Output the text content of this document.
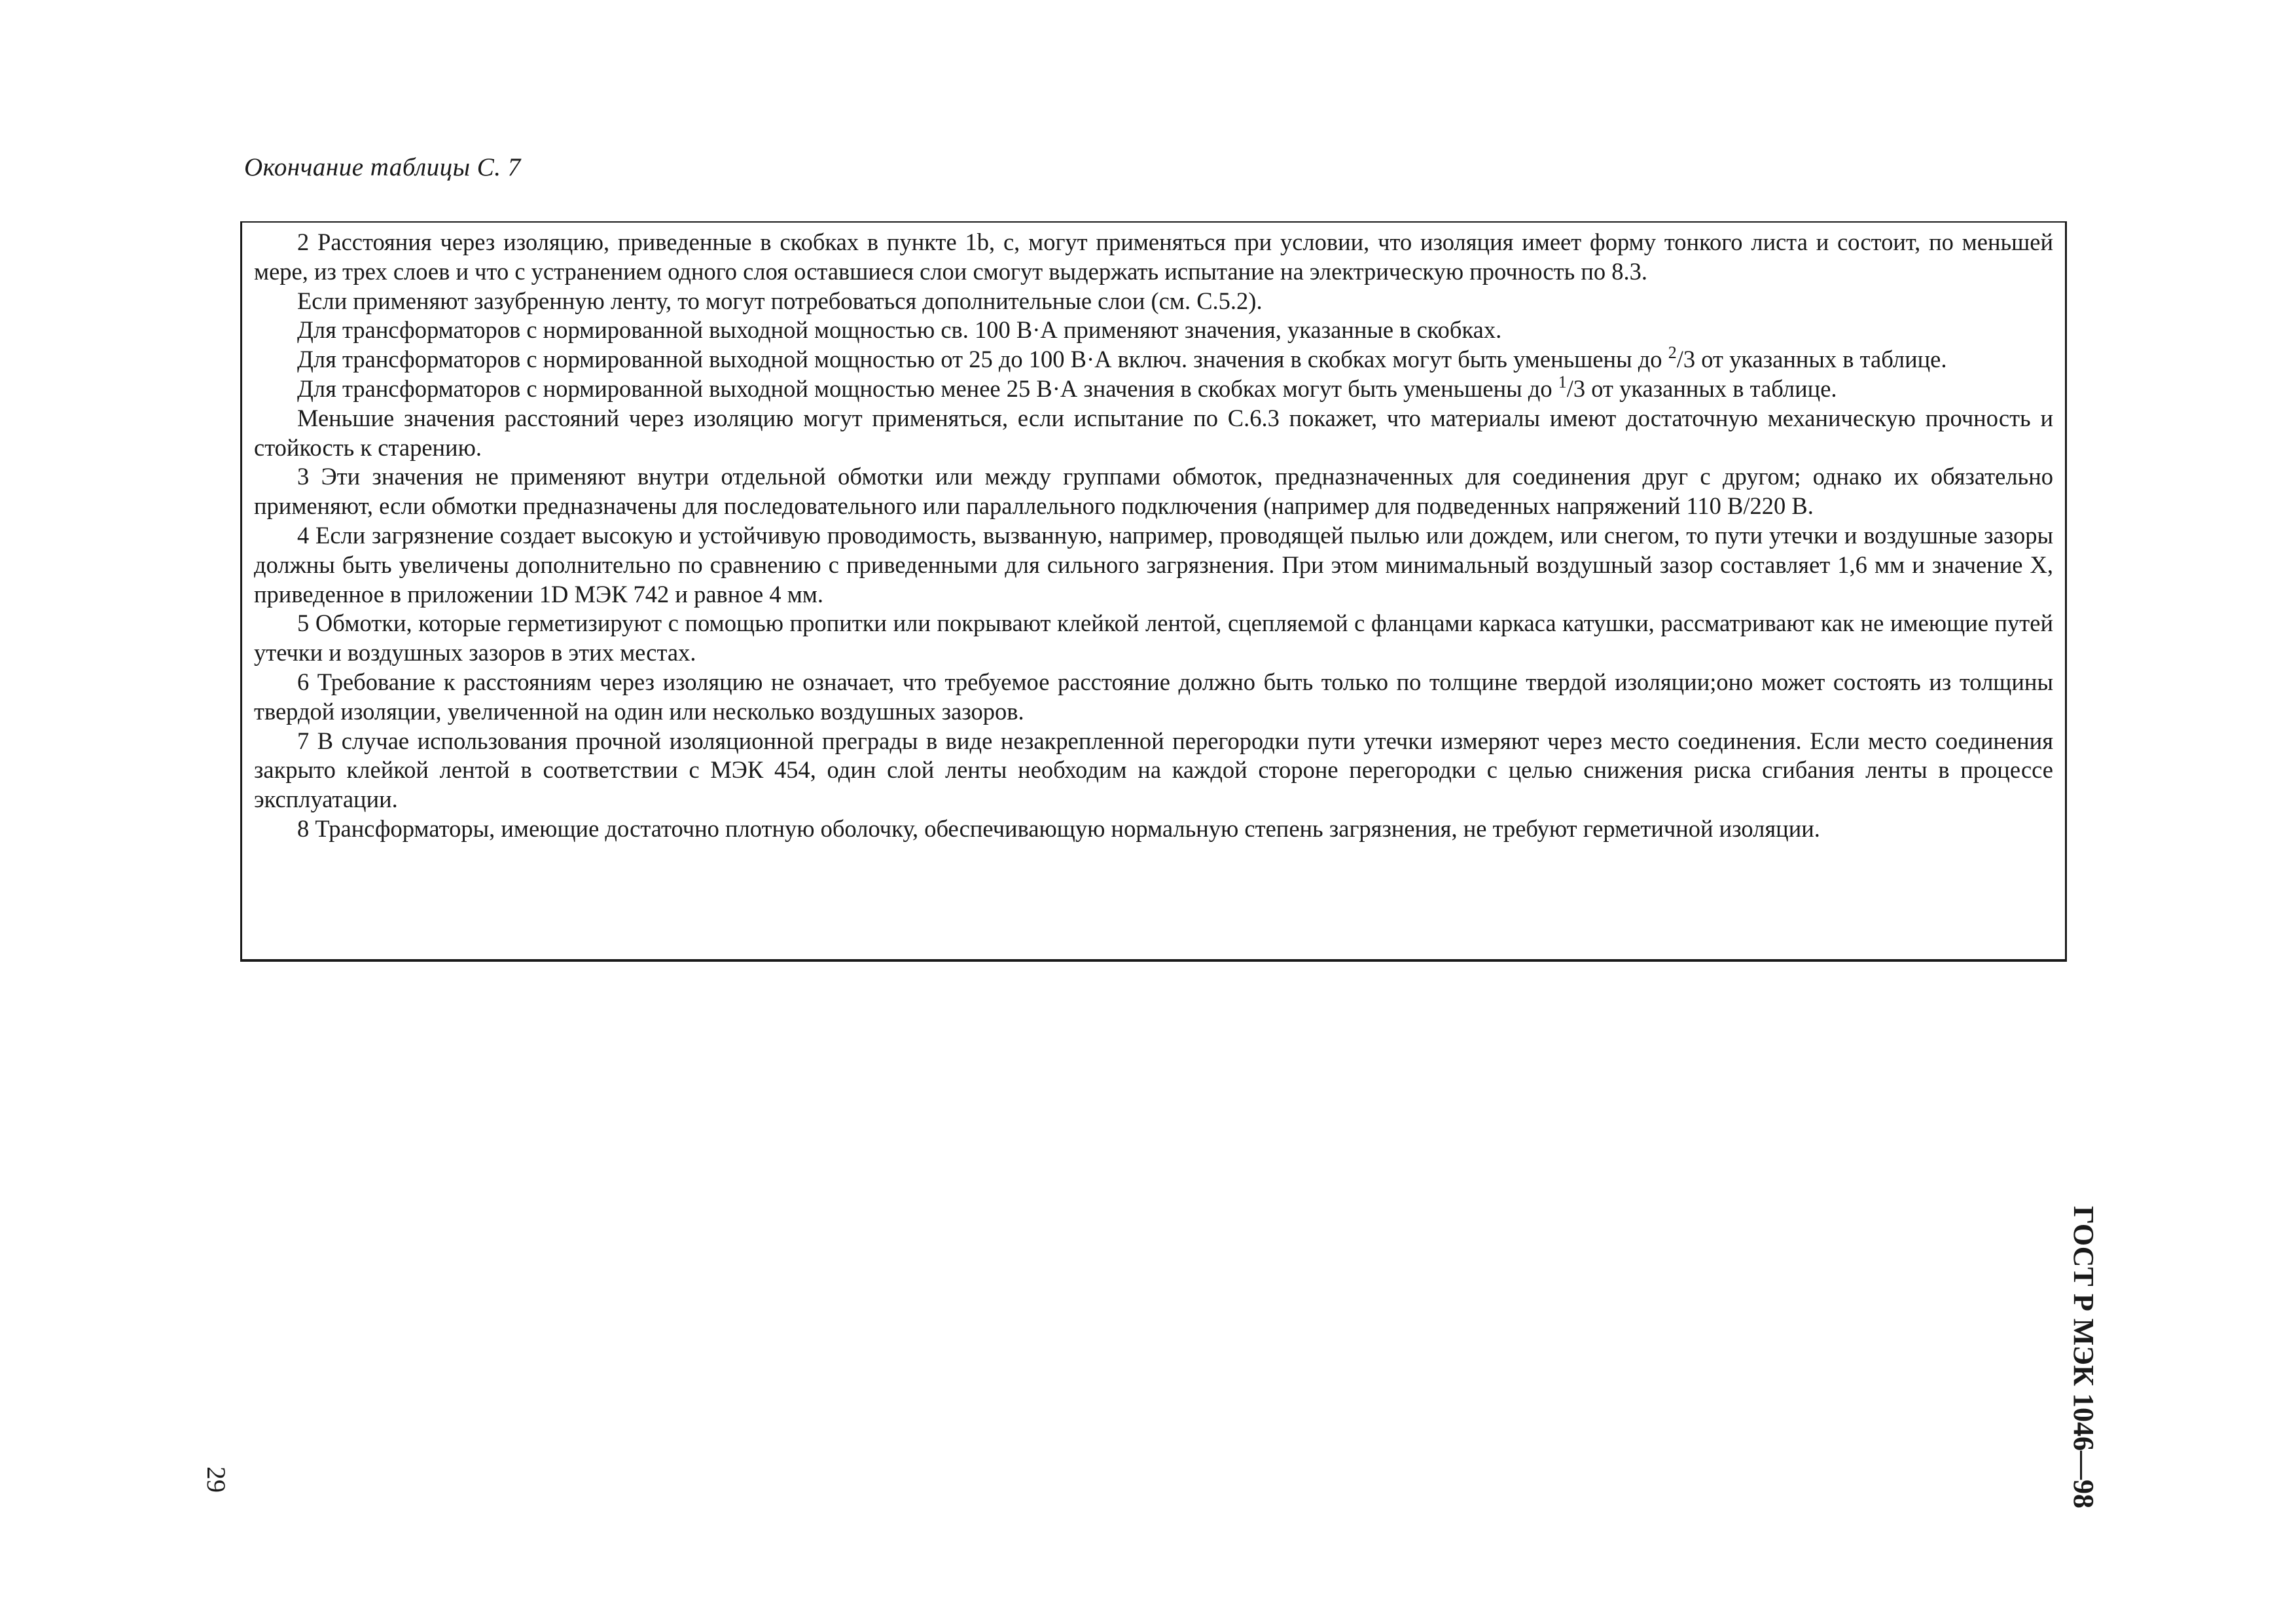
Окончание таблицы С. 7

2 Расстояния через изоляцию, приведенные в скобках в пункте 1b, с, могут применяться при условии, что изоляция имеет форму тонкого листа и состоит, по меньшей мере, из трех слоев и что с устранением одного слоя оставшиеся слои смогут выдержать испытание на электрическую прочность по 8.3.

Если применяют зазубренную ленту, то могут потребоваться дополнительные слои (см. С.5.2).

Для трансформаторов с нормированной выходной мощностью св. 100 В·А применяют значения, указанные в скобках.

Для трансформаторов с нормированной выходной мощностью от 25 до 100 В·А включ. значения в скобках могут быть уменьшены до $^2$/3 от указанных в таблице.

Для трансформаторов с нормированной выходной мощностью менее 25 В·А значения в скобках могут быть уменьшены до $^1$/3 от указанных в таблице.

Меньшие значения расстояний через изоляцию могут применяться, если испытание по С.6.3 покажет, что материалы имеют достаточную механическую прочность и стойкость к старению.

3 Эти значения не применяют внутри отдельной обмотки или между группами обмоток, предназначенных для соединения друг с другом; однако их обязательно применяют, если обмотки предназначены для последовательного или параллельного подключения (например для подведенных напряжений 110 В/220 В.

4 Если загрязнение создает высокую и устойчивую проводимость, вызванную, например, проводящей пылью или дождем, или снегом, то пути утечки и воздушные зазоры должны быть увеличены дополнительно по сравнению с приведенными для сильного загрязнения. При этом минимальный воздушный зазор составляет 1,6 мм и значение X, приведенное в приложении 1D МЭК 742 и равное 4 мм.

5 Обмотки, которые герметизируют с помощью пропитки или покрывают клейкой лентой, сцепляемой с фланцами каркаса катушки, рассматривают как не имеющие путей утечки и воздушных зазоров в этих местах.

6 Требование к расстояниям через изоляцию не означает, что требуемое расстояние должно быть только по толщине твердой изоляции;оно может состоять из толщины твердой изоляции, увеличенной на один или несколько воздушных зазоров.

7 В случае использования прочной изоляционной преграды в виде незакрепленной перегородки пути утечки измеряют через место соединения. Если место соединения закрыто клейкой лентой в соответствии с МЭК 454, один слой ленты необходим на каждой стороне перегородки с целью снижения риска сгибания ленты в процессе эксплуатации.

8 Трансформаторы, имеющие достаточно плотную оболочку, обеспечивающую нормальную степень загрязнения, не требуют герметичной изоляции.

29	ГОСТ Р МЭК 1046—98
